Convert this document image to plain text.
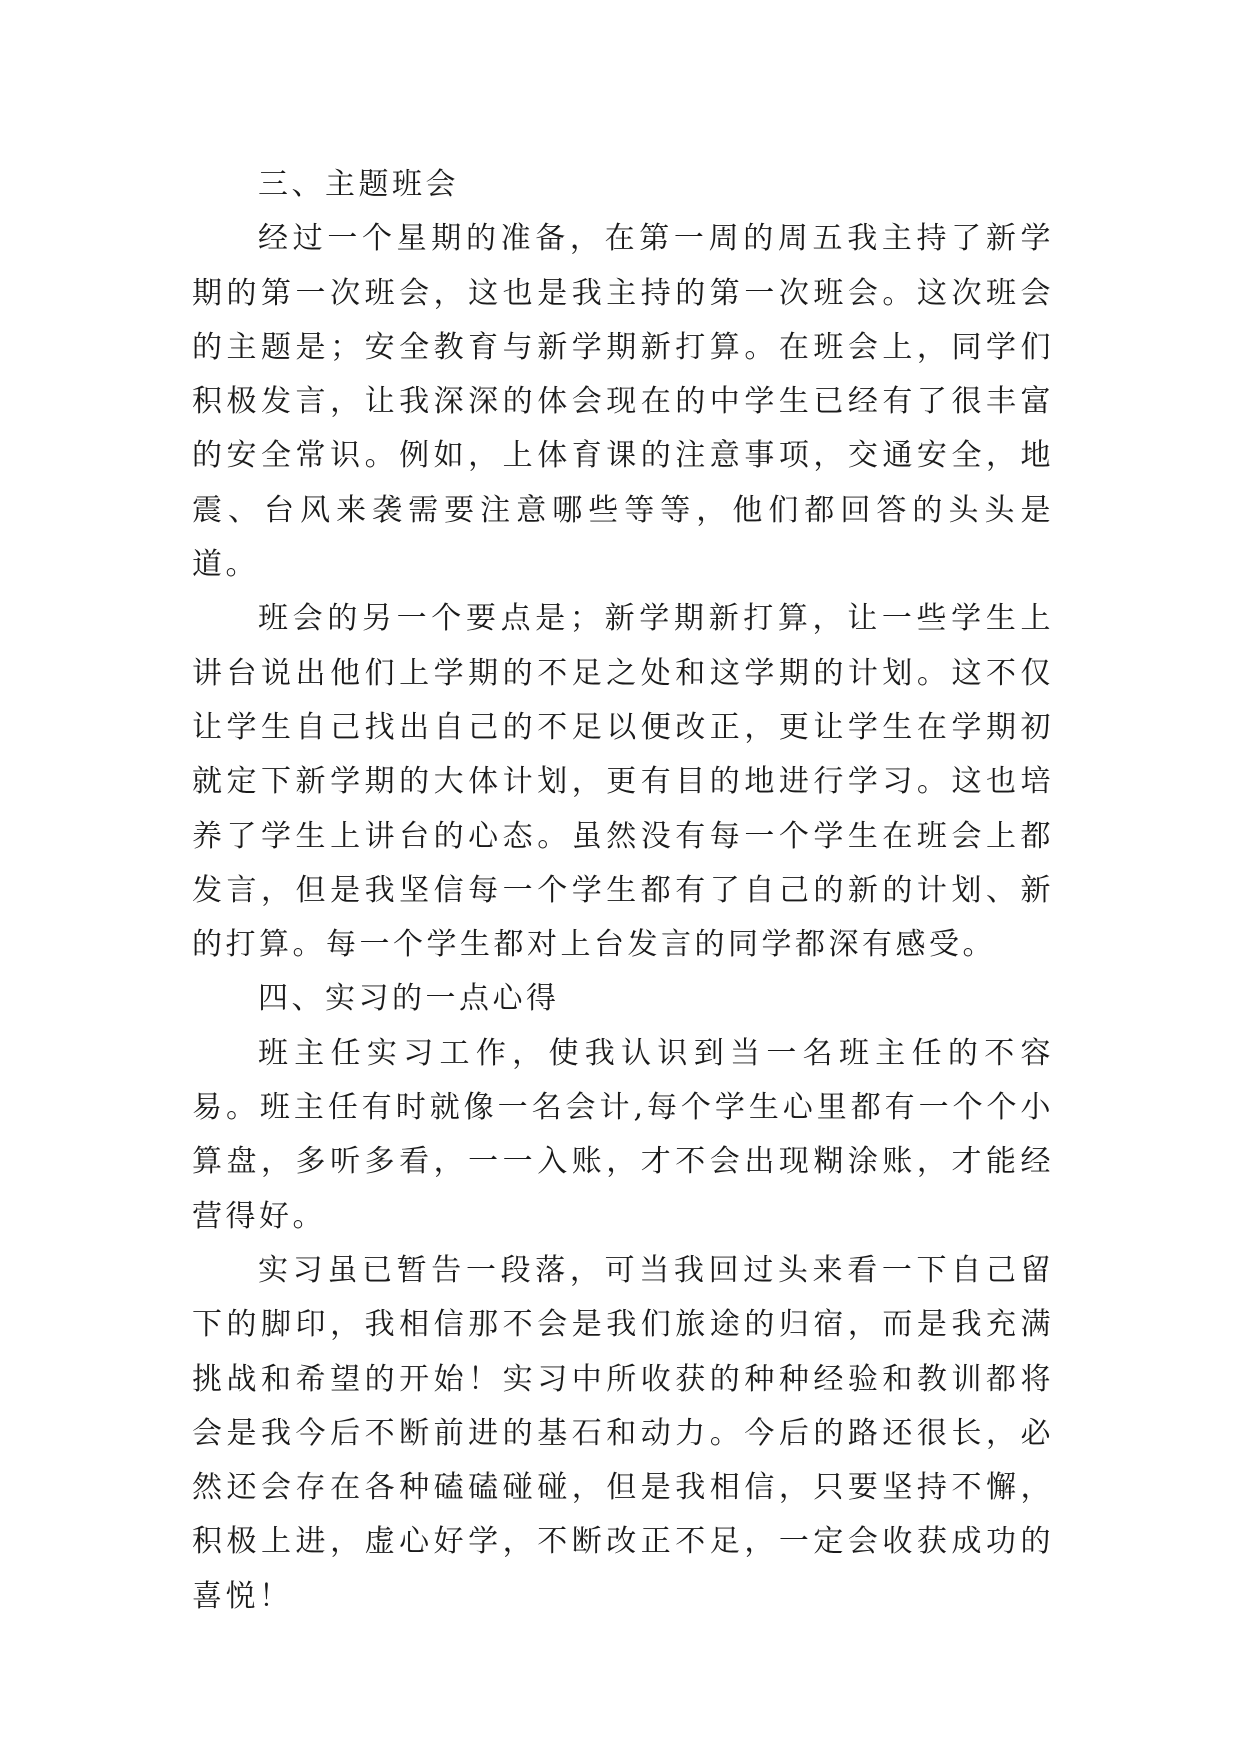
三、主题班会

经过一个星期的准备，在第一周的周五我主持了新学期的第一次班会，这也是我主持的第一次班会。这次班会的主题是；安全教育与新学期新打算。在班会上，同学们积极发言，让我深深的体会现在的中学生已经有了很丰富的安全常识。例如，上体育课的注意事项，交通安全，地震、台风来袭需要注意哪些等等，他们都回答的头头是道。

班会的另一个要点是；新学期新打算，让一些学生上讲台说出他们上学期的不足之处和这学期的计划。这不仅让学生自己找出自己的不足以便改正，更让学生在学期初就定下新学期的大体计划，更有目的地进行学习。这也培养了学生上讲台的心态。虽然没有每一个学生在班会上都发言，但是我坚信每一个学生都有了自己的新的计划、新的打算。每一个学生都对上台发言的同学都深有感受。

四、实习的一点心得

班主任实习工作，使我认识到当一名班主任的不容易。班主任有时就像一名会计,每个学生心里都有一个个小算盘，多听多看，一一入账，才不会出现糊涂账，才能经营得好。

实习虽已暂告一段落，可当我回过头来看一下自己留下的脚印，我相信那不会是我们旅途的归宿，而是我充满挑战和希望的开始！实习中所收获的种种经验和教训都将会是我今后不断前进的基石和动力。今后的路还很长，必然还会存在各种磕磕碰碰，但是我相信，只要坚持不懈，积极上进，虚心好学，不断改正不足，一定会收获成功的喜悦！
